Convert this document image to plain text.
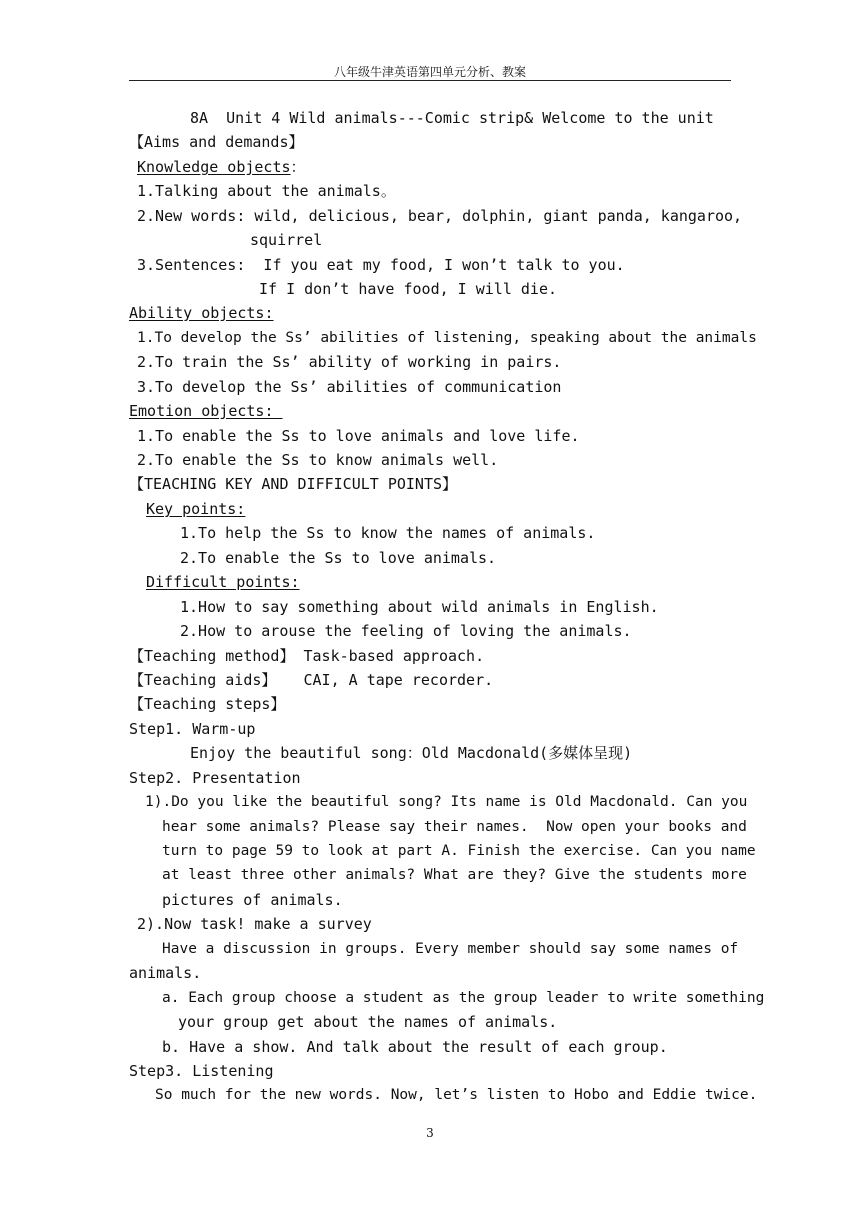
八年级牛津英语第四单元分析、教案
8A  Unit 4 Wild animals---Comic strip& Welcome to the unit
【Aims and demands】
Knowledge objects：
1.Talking about the animals。
2.New words: wild, delicious, bear, dolphin, giant panda, kangaroo,
squirrel
3.Sentences:  If you eat my food, I won’t talk to you.
If I don’t have food, I will die.
Ability objects:
1.To develop the Ss’ abilities of listening, speaking about the animals
2.To train the Ss’ ability of working in pairs.
3.To develop the Ss’ abilities of communication
Emotion objects:
1.To enable the Ss to love animals and love life.
2.To enable the Ss to know animals well.
【TEACHING KEY AND DIFFICULT POINTS】
Key points:
1.To help the Ss to know the names of animals.
2.To enable the Ss to love animals.
Difficult points:
1.How to say something about wild animals in English.
2.How to arouse the feeling of loving the animals.
【Teaching method】 Task-based approach.
【Teaching aids】   CAI, A tape recorder.
【Teaching steps】
Step1. Warm-up
Enjoy the beautiful song：Old Macdonald(多媒体呈现)
Step2. Presentation
1).Do you like the beautiful song? Its name is Old Macdonald. Can you
hear some animals? Please say their names.  Now open your books and
turn to page 59 to look at part A. Finish the exercise. Can you name
at least three other animals? What are they? Give the students more
pictures of animals.
2).Now task! make a survey
Have a discussion in groups. Every member should say some names of
animals.
a. Each group choose a student as the group leader to write something
your group get about the names of animals.
b. Have a show. And talk about the result of each group.
Step3. Listening
So much for the new words. Now, let’s listen to Hobo and Eddie twice.
3
